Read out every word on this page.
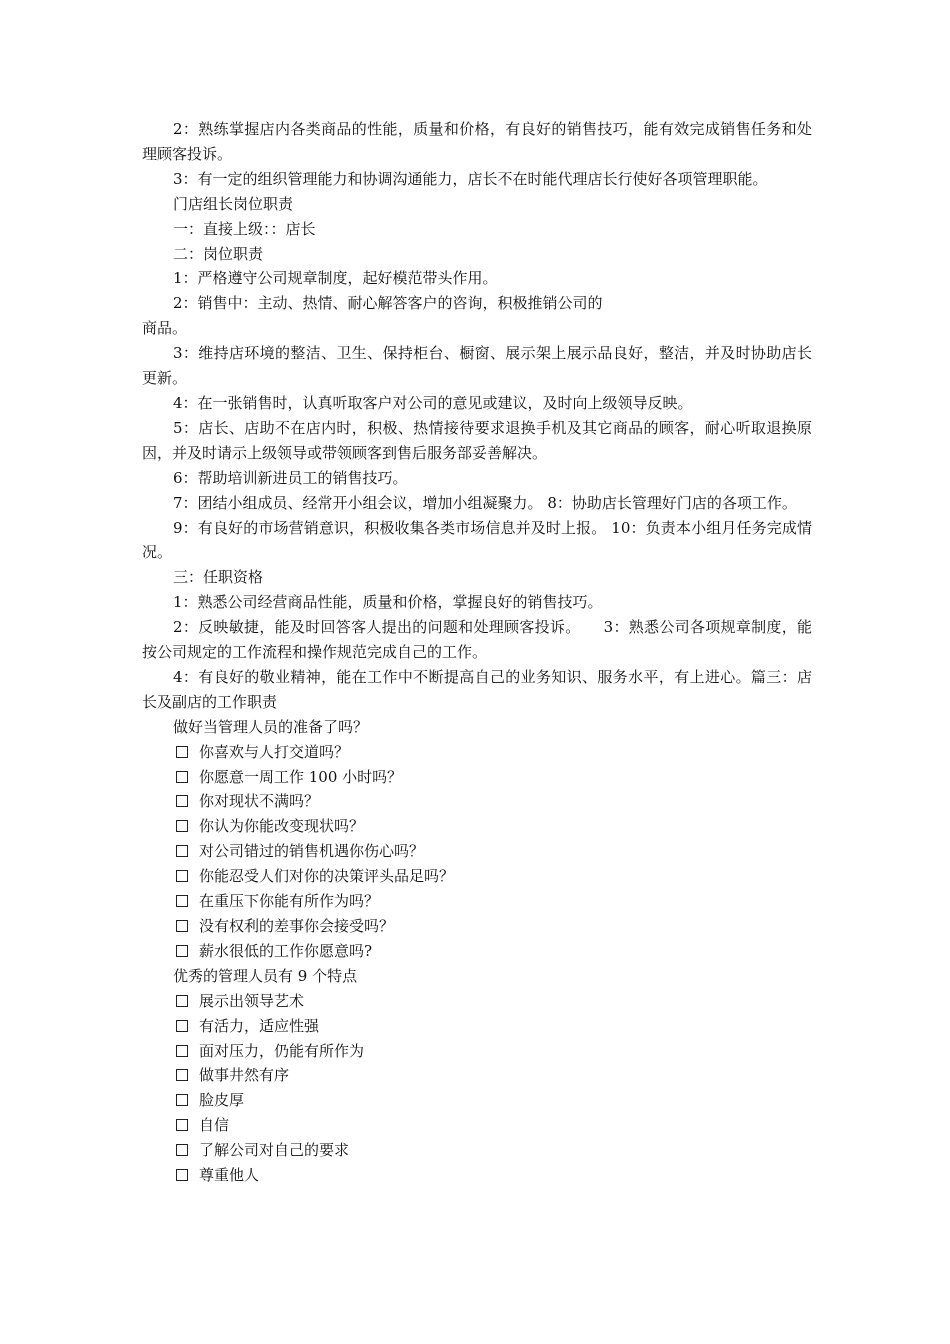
2：熟练掌握店内各类商品的性能，质量和价格，有良好的销售技巧，能有效完成销售任务和处理顾客投诉。

3：有一定的组织管理能力和协调沟通能力，店长不在时能代理店长行使好各项管理职能。

门店组长岗位职责

一：直接上级：：店长

二：岗位职责

1：严格遵守公司规章制度，起好模范带头作用。

2：销售中：主动、热情、耐心解答客户的咨询，积极推销公司的

商品。

3：维持店环境的整洁、卫生、保持柜台、橱窗、展示架上展示品良好，整洁，并及时协助店长更新。

4：在一张销售时，认真听取客户对公司的意见或建议，及时向上级领导反映。

5：店长、店助不在店内时，积极、热情接待要求退换手机及其它商品的顾客，耐心听取退换原因，并及时请示上级领导或带领顾客到售后服务部妥善解决。

6：帮助培训新进员工的销售技巧。

7：团结小组成员、经常开小组会议，增加小组凝聚力。 8：协助店长管理好门店的各项工作。

9：有良好的市场营销意识，积极收集各类市场信息并及时上报。 10：负责本小组月任务完成情况。

三：任职资格

1：熟悉公司经营商品性能，质量和价格，掌握良好的销售技巧。

2：反映敏捷，能及时回答客人提出的问题和处理顾客投诉。　　3：熟悉公司各项规章制度，能按公司规定的工作流程和操作规范完成自己的工作。

4：有良好的敬业精神，能在工作中不断提高自己的业务知识、服务水平，有上进心。篇三：店长及副店的工作职责

做好当管理人员的准备了吗？

你喜欢与人打交道吗？

你愿意一周工作 100 小时吗？

你对现状不满吗？

你认为你能改变现状吗？

对公司错过的销售机遇你伤心吗？

你能忍受人们对你的决策评头品足吗？

在重压下你能有所作为吗？

没有权利的差事你会接受吗？

薪水很低的工作你愿意吗?

优秀的管理人员有 9 个特点

展示出领导艺术

有活力，适应性强

面对压力，仍能有所作为

做事井然有序

脸皮厚

自信

了解公司对自己的要求

尊重他人
